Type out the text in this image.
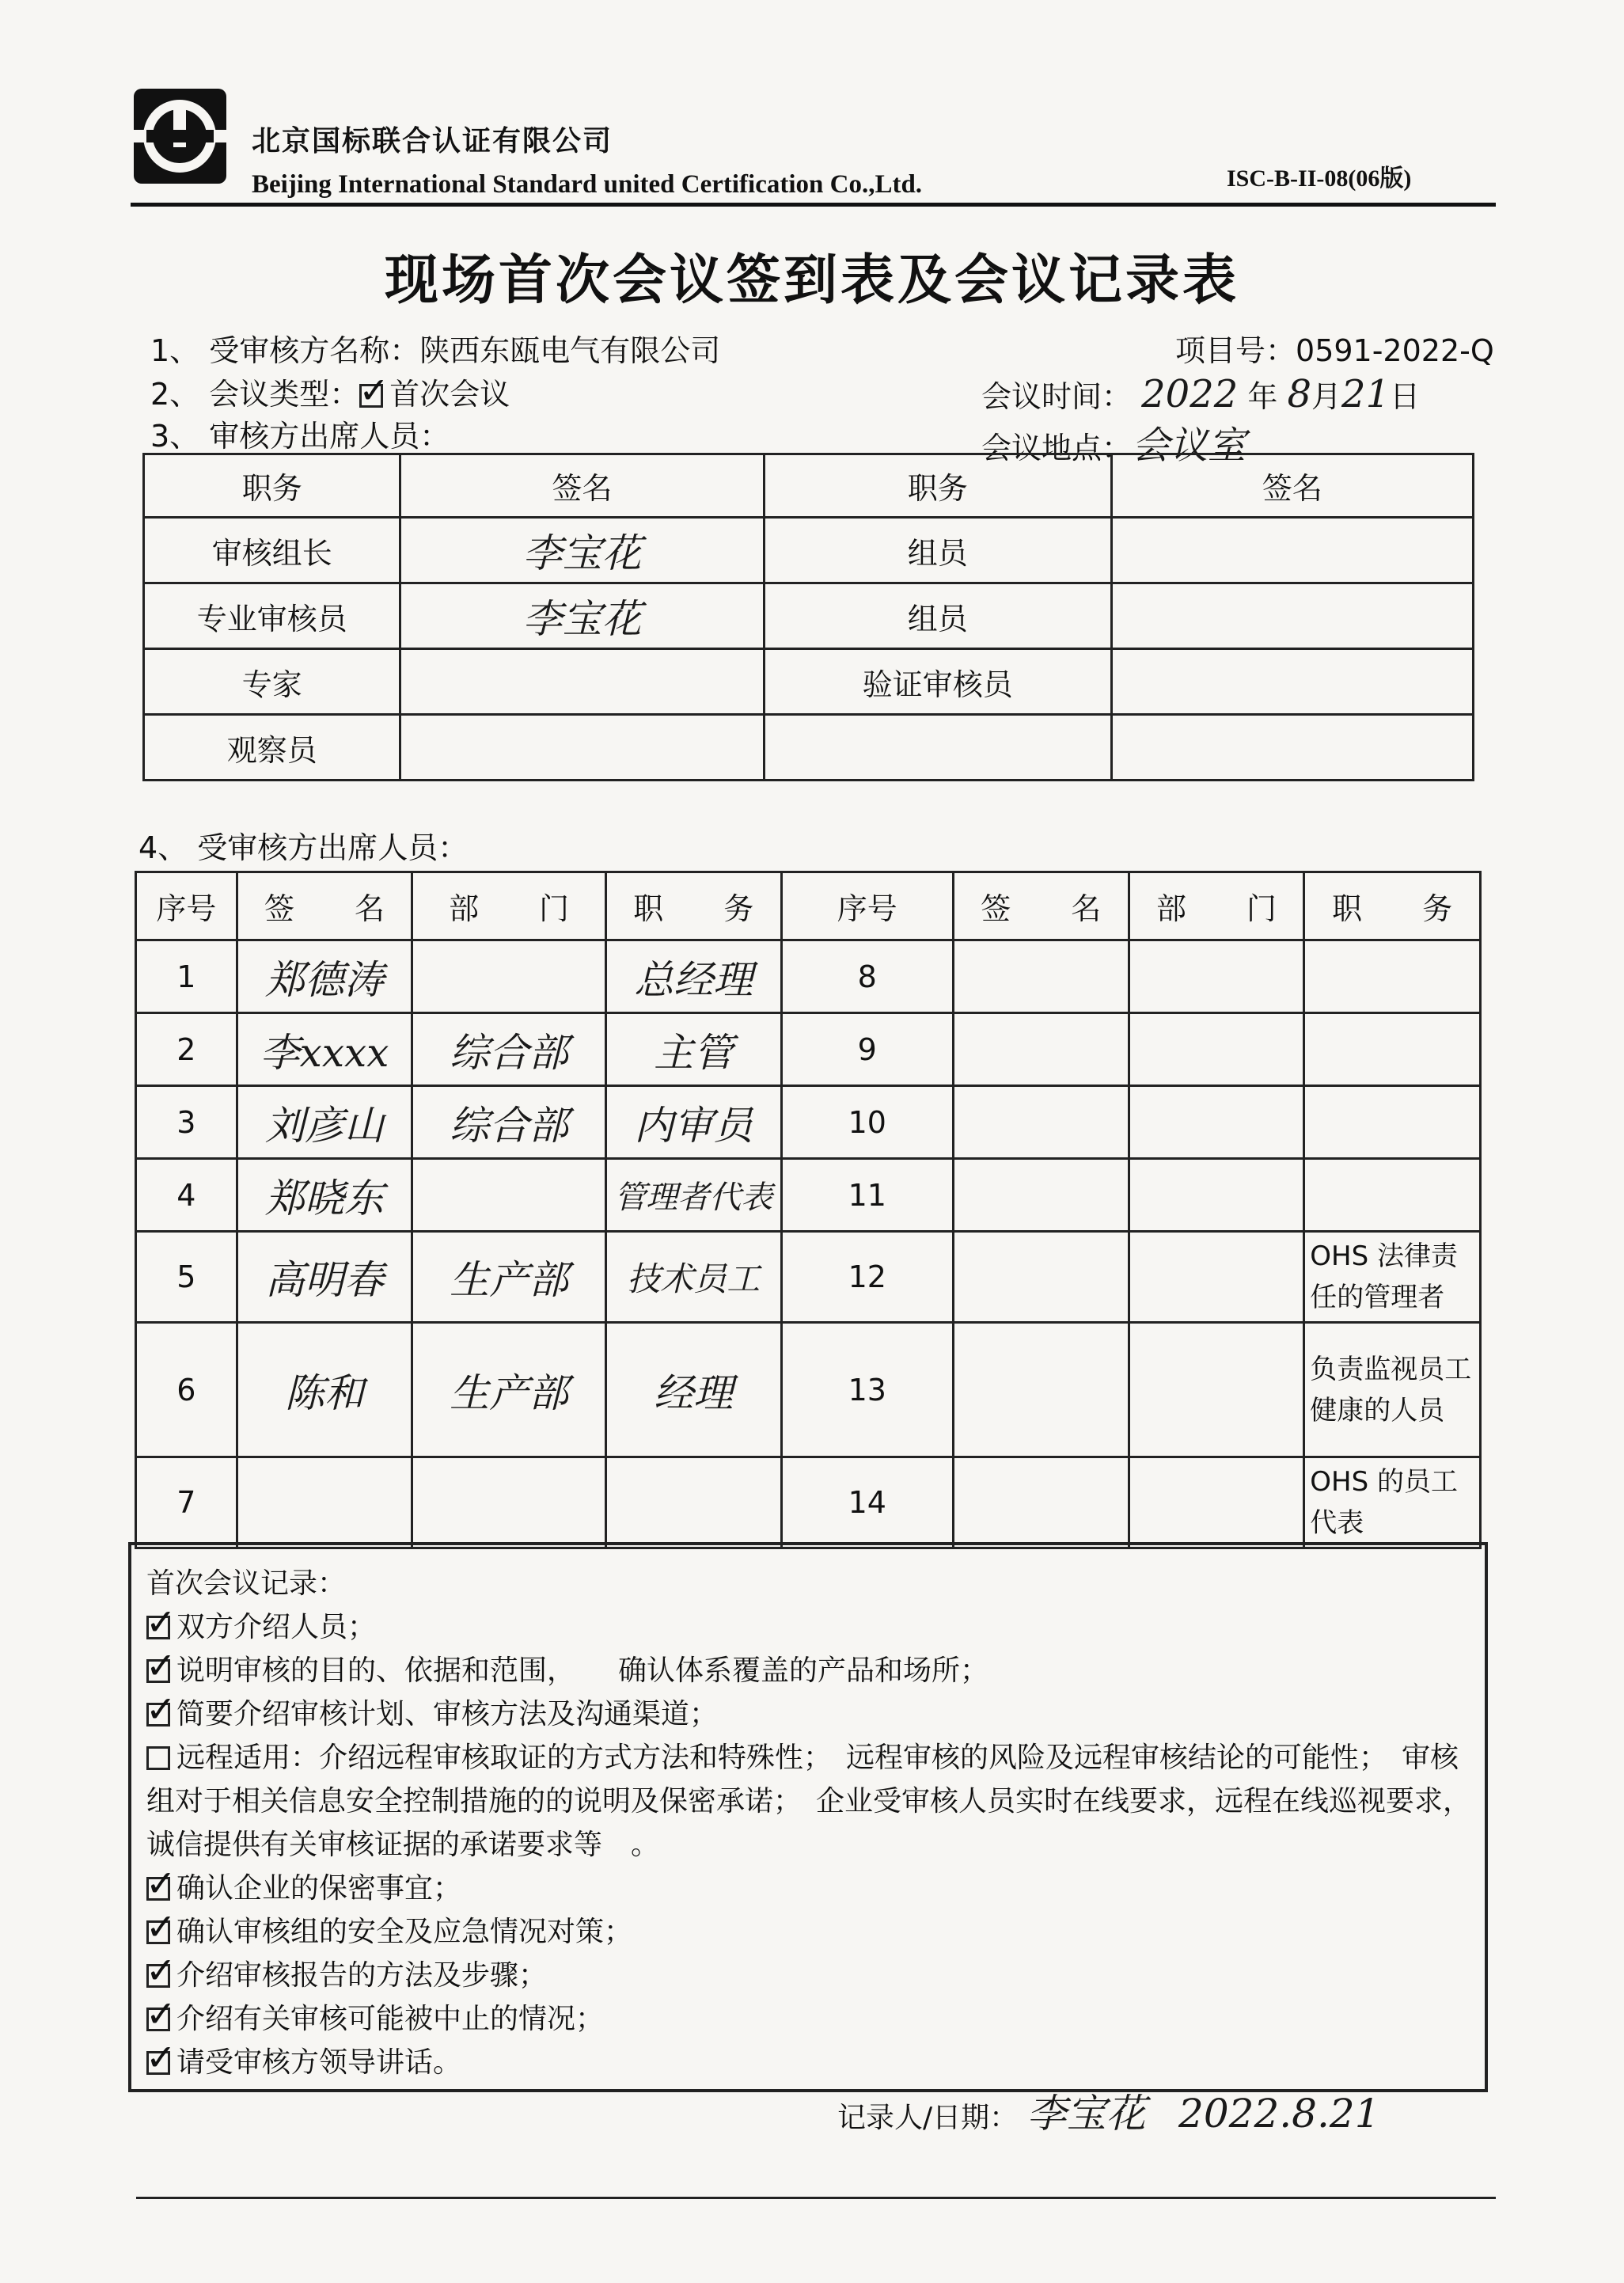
北京国标联合认证有限公司
Beijing International Standard united Certification Co.,Ltd.	ISC-B-II-08(06版)
现场首次会议签到表及会议记录表
1、 受审核方名称：陕西东瓯电气有限公司	项目号：0591-2022-Q
2、 会议类型： ✓ 首次会议	会议时间： 2022 年 8月21日
3、 审核方出席人员：	会议地点：会议室
职务	签名	职务	签名
审核组长	李宝花	组员	
专业审核员	李宝花	组员	
专家		验证审核员	
观察员			
4、 受审核方出席人员：
序号	签　　名	部　　门	职　　务	序号	签　　名	部　　门	职　　务
1	郑德涛		总经理	8			
2	李xxxx	综合部	主管	9			
3	刘彦山	综合部	内审员	10			
4	郑晓东		管理者代表	11			
5	高明春	生产部	技术员工	12			OHS 法律责任的管理者
6	陈和	生产部	经理	13			负责监视员工健康的人员
7				14			OHS 的员工代表
首次会议记录：
✓双方介绍人员；
✓说明审核的目的、依据和范围，　　确认体系覆盖的产品和场所；
✓简要介绍审核计划、审核方法及沟通渠道；
远程适用：介绍远程审核取证的方式方法和特殊性；　远程审核的风险及远程审核结论的可能性；　审核
组对于相关信息安全控制措施的的说明及保密承诺；　企业受审核人员实时在线要求，远程在线巡视要求，
诚信提供有关审核证据的承诺要求等　。
✓确认企业的保密事宜；
✓确认审核组的安全及应急情况对策；
✓介绍审核报告的方法及步骤；
✓介绍有关审核可能被中止的情况；
✓请受审核方领导讲话。
记录人/日期： 李宝花 2022.8.21
